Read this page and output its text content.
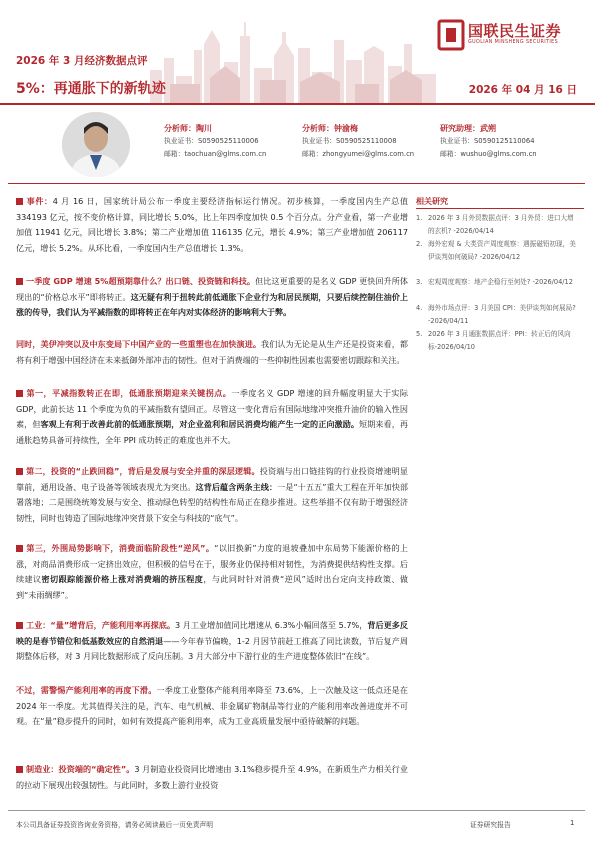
国联民生证券
GUOLIAN MINSHENG SECURITIES
2026 年 3 月经济数据点评
5%：再通胀下的新轨迹	2026 年 04 月 16 日
分析师：陶川
执业证书：S0590525110006
邮箱：taochuan@glms.com.cn
分析师：钟渝梅
执业证书：S0590525110008
邮箱：zhongyumei@glms.com.cn
研究助理：武朔
执业证书：S0590125110064
邮箱：wushuo@glms.com.cn
事件：4 月 16 日，国家统计局公布一季度主要经济指标运行情况。初步核算，一季度国内生产总值 334193 亿元，按不变价格计算，同比增长 5.0%，比上年四季度加快 0.5 个百分点。分产业看，第一产业增加值 11941 亿元，同比增长 3.8%；第二产业增加值 116135 亿元，增长 4.9%；第三产业增加值 206117 亿元，增长 5.2%。从环比看，一季度国内生产总值增长 1.3%。
一季度 GDP 增速 5%超预期靠什么？出口链、投资链和科技。但比这更重要的是名义 GDP 更快回升所体现出的“价格总水平”即将转正。这无疑有利于扭转此前低通胀下企业行为和居民预期，只要后续控制住油价上涨的传导，我们认为平减指数的即将转正在年内对实体经济的影响利大于弊。
同时，美伊冲突以及中东变局下中国产业的一些重塑也在加快演进。我们认为无论是从生产还是投资来看，都将有利于增强中国经济在未来抵御外部冲击的韧性。但对于消费端的一些抑制性因素也需要密切跟踪和关注。
第一，平减指数转正在即，低通胀预期迎来关键拐点。一季度名义 GDP 增速的回升幅度明显大于实际 GDP，此前长达 11 个季度为负的平减指数有望回正。尽管这一变化背后有国际地缘冲突推升油价的输入性因素，但客观上有利于改善此前的低通胀预期，对企业盈利和居民消费均能产生一定的正向激励。短期来看，再通胀趋势具备可持续性，全年 PPI 成功转正的难度也并不大。
第二，投资的“止跌回稳”，背后是发展与安全并重的深层逻辑。投资端与出口链挂钩的行业投资增速明显靠前，通用设备、电子设备等领域表现尤为突出。这背后蕴含两条主线：一是“十五五”重大工程在开年加快部署落地；二是围绕统筹发展与安全、推动绿色转型的结构性布局正在稳步推进。这些举措不仅有助于增强经济韧性，同时也铸造了国际地缘冲突背景下安全与科技的“底气”。
第三，外围局势影响下，消费面临阶段性“逆风”。“以旧换新”力度的退坡叠加中东局势下能源价格的上涨，对商品消费形成一定挤出效应，但积极的信号在于，服务业仍保持相对韧性，为消费提供结构性支撑。后续建议密切跟踪能源价格上涨对消费端的挤压程度，与此同时针对消费“逆风”适时出台定向支持政策、做到“未雨绸缪”。
工业：“量”增背后，产能利用率再探底。3 月工业增加值同比增速从 6.3%小幅回落至 5.7%，背后更多反映的是春节错位和低基数效应的自然消退——今年春节偏晚，1-2 月因节前赶工推高了同比读数，节后复产周期整体后移，对 3 月同比数据形成了反向压制。3 月大部分中下游行业的生产进度整体依旧“在线”。
不过，需警惕产能利用率的再度下滑。一季度工业整体产能利用率降至 73.6%，上一次触及这一低点还是在 2024 年一季度。尤其值得关注的是，汽车、电气机械、非金属矿物制品等行业的产能利用率改善进度并不可观。在“量”稳步提升的同时，如何有效提高产能利用率，成为工业高质量发展中亟待破解的问题。
制造业：投资端的“确定性”。3 月制造业投资同比增速由 3.1%稳步提升至 4.9%，在新质生产力相关行业的拉动下展现出较强韧性。与此同时，多数上游行业投资
相关研究
1. 2026 年 3 月外贸数据点评：3 月外贸：进口大增的玄机? -2026/04/14
2. 海外宏观 & 大类资产周度观察：遇振磁铅初现，美伊谈判如何破局? -2026/04/12
3. 宏观周度观察：地产企稳行至何处? -2026/04/12
4. 海外市场点评：3 月美国 CPI：美伊谈判如何展局? -2026/04/11
5. 2026 年 3 月通胀数据点评：PPI：转正后的风向标-2026/04/10
本公司具备证券投资咨询业务资格，请务必阅读最后一页免责声明	证券研究报告	1
